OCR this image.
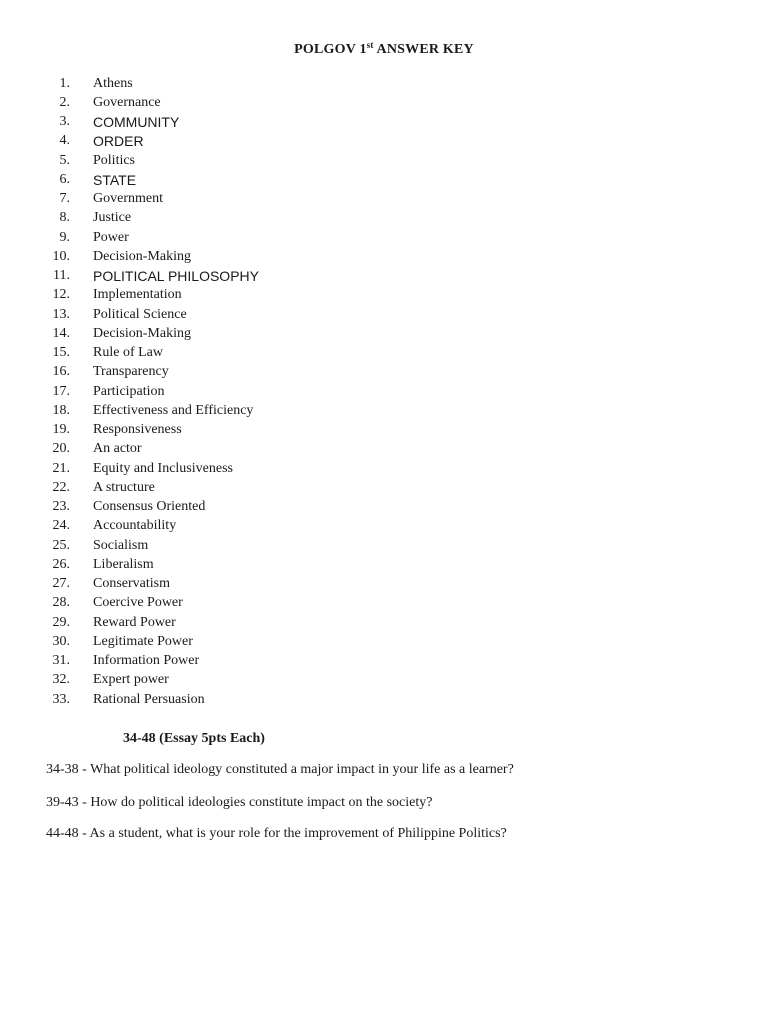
POLGOV 1st ANSWER KEY
1. Athens
2. Governance
3. COMMUNITY
4. ORDER
5. Politics
6. STATE
7. Government
8. Justice
9. Power
10. Decision-Making
11. POLITICAL PHILOSOPHY
12. Implementation
13. Political Science
14. Decision-Making
15. Rule of Law
16. Transparency
17. Participation
18. Effectiveness and Efficiency
19. Responsiveness
20. An actor
21. Equity and Inclusiveness
22. A structure
23. Consensus Oriented
24. Accountability
25. Socialism
26. Liberalism
27. Conservatism
28. Coercive Power
29. Reward Power
30. Legitimate Power
31. Information Power
32. Expert power
33. Rational Persuasion
34-48 (Essay 5pts Each)
34-38 - What political ideology constituted a major impact in your life as a learner?
39-43 - How do political ideologies constitute impact on the society?
44-48 - As a student, what is your role for the improvement of Philippine Politics?
